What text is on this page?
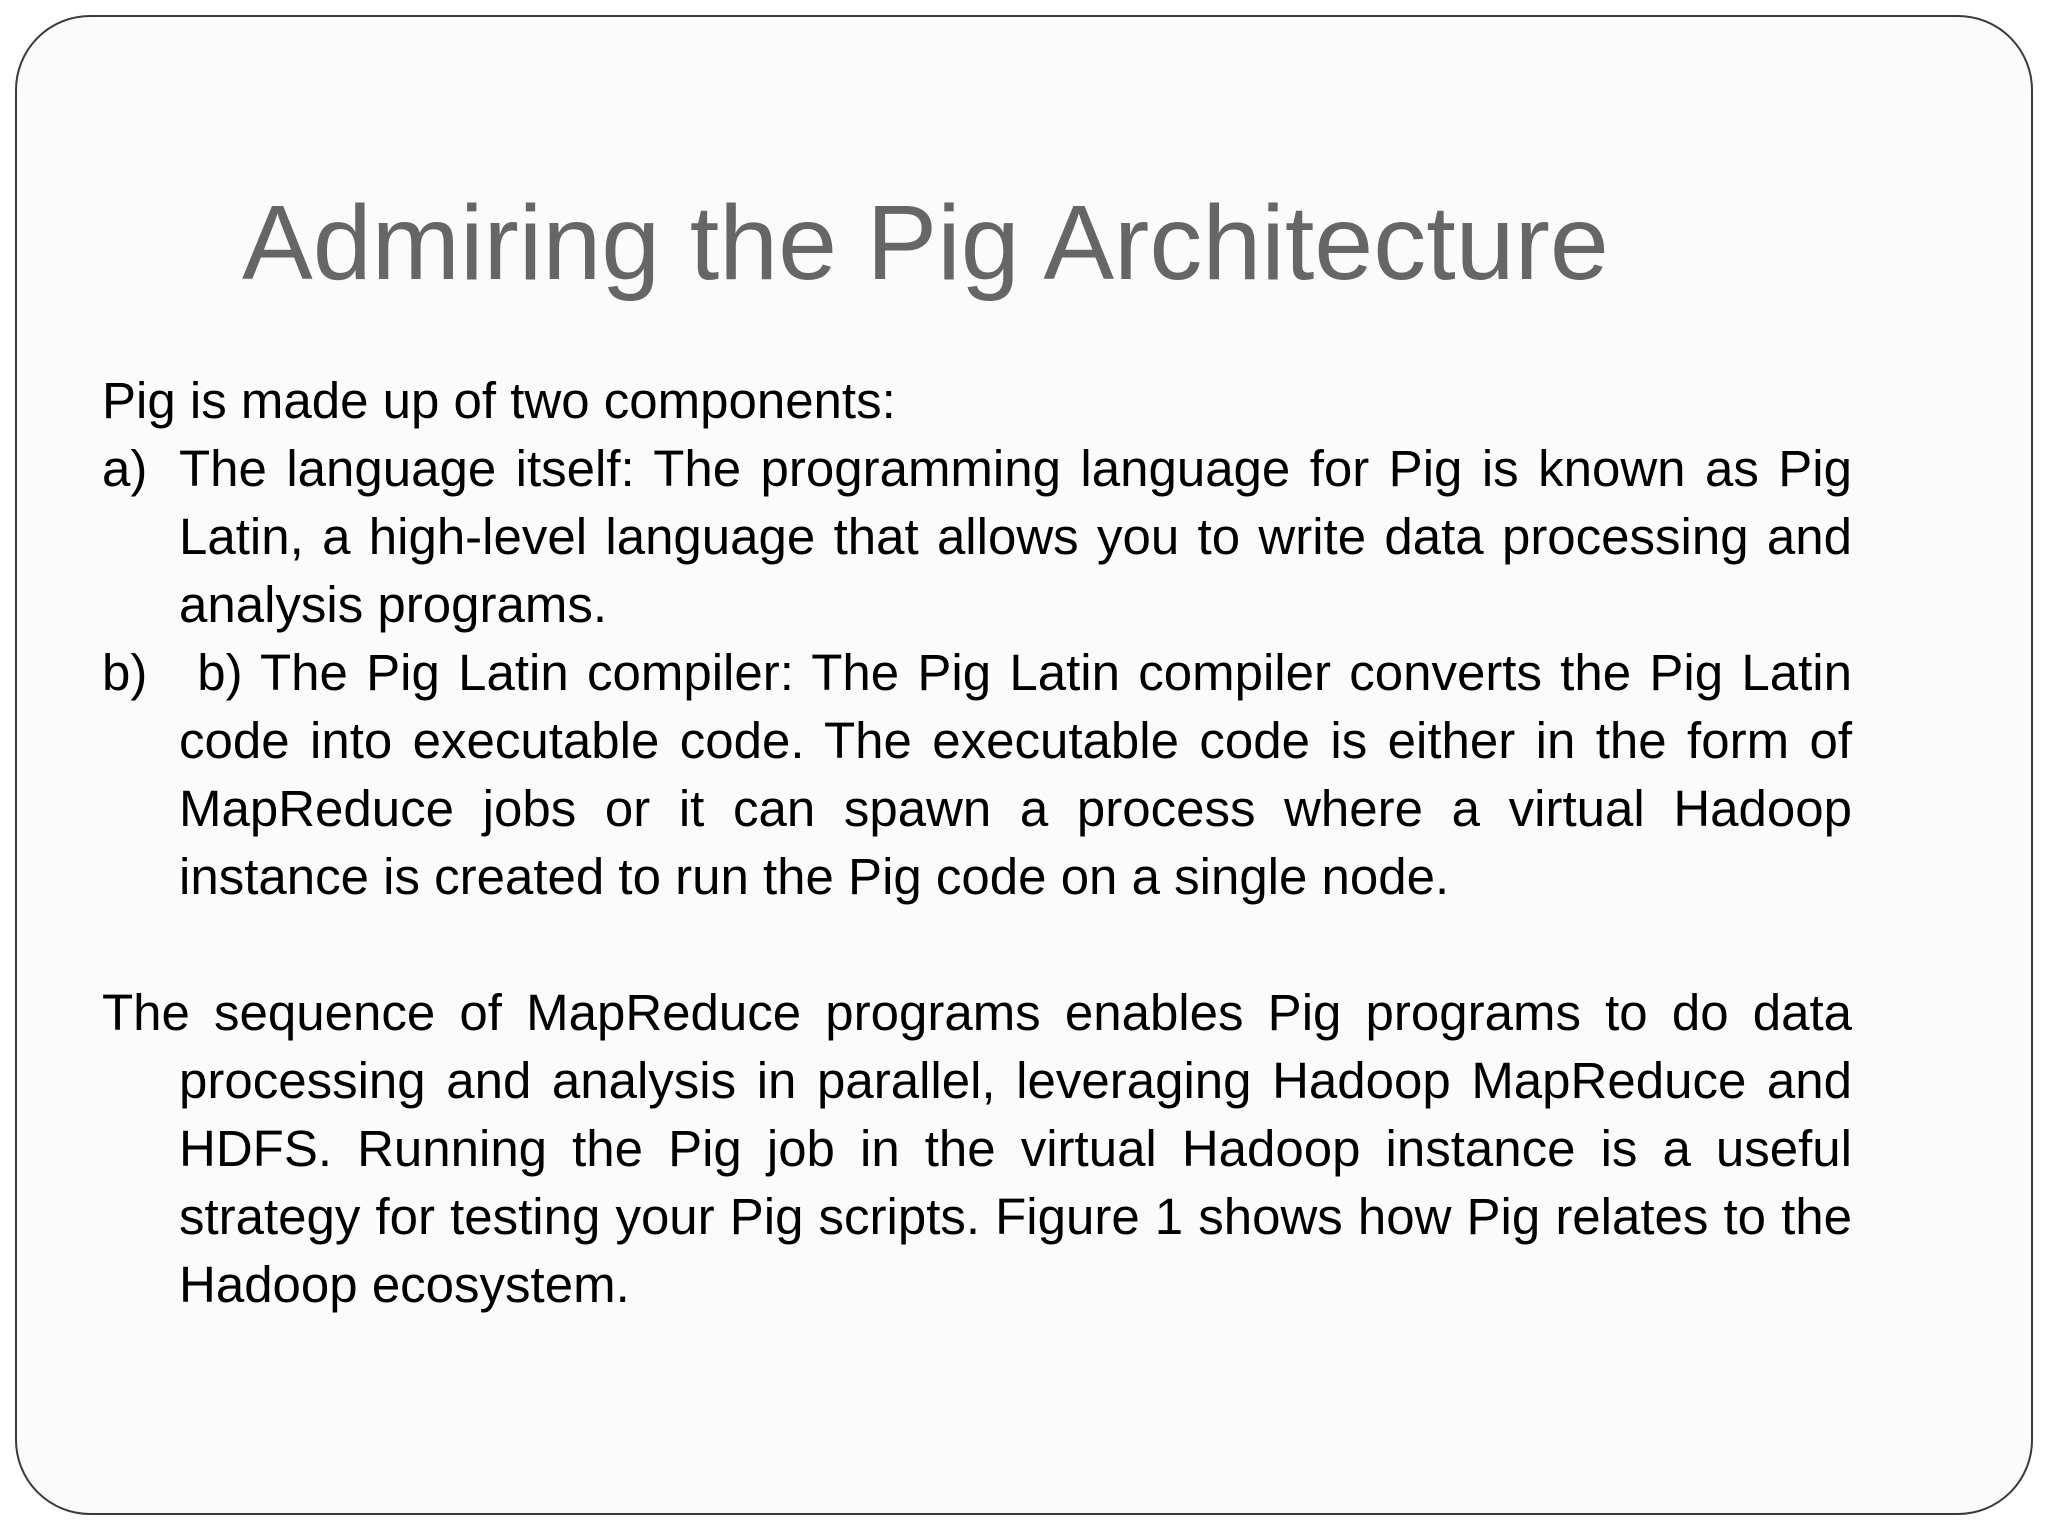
Admiring the Pig Architecture

Pig is made up of two components:

a) The language itself: The programming language for Pig is known as Pig Latin, a high-level language that allows you to write data processing and analysis programs.
b) b) The Pig Latin compiler: The Pig Latin compiler converts the Pig Latin code into executable code. The executable code is either in the form of MapReduce jobs or it can spawn a process where a virtual Hadoop instance is created to run the Pig code on a single node.

The sequence of MapReduce programs enables Pig programs to do data processing and analysis in parallel, leveraging Hadoop MapReduce and HDFS. Running the Pig job in the virtual Hadoop instance is a useful strategy for testing your Pig scripts. Figure 1 shows how Pig relates to the Hadoop ecosystem.
